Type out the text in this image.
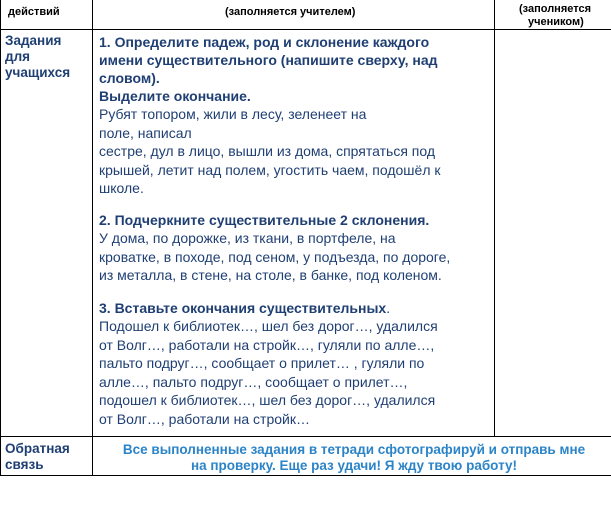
действий	(заполняется учителем)	(заполняется

учеником)

Задания
для
учащихся

1. Определите падеж, род и склонение каждого

имени существительного (напишите сверху, над

словом).

Выделите окончание.

Рубят топором, жили в лесу, зеленеет на

поле, написал

сестре, дул в лицо, вышли из дома, спрятаться под

крышей, летит над полем, угостить чаем, подошёл к

школе.

2. Подчеркните существительные 2 склонения.

У дома, по дорожке, из ткани, в портфеле, на

кроватке, в походе, под сеном, у подъезда, по дороге,

из металла, в стене, на столе, в банке, под коленом.

3. Вставьте окончания существительных.

Подошел к библиотек…, шел без дорог…, удалился

от Волг…, работали на стройк…, гуляли по алле…,

пальто подруг…, сообщает о прилет… , гуляли по

алле…, пальто подруг…, сообщает о прилет…,

подошел к библиотек…, шел без дорог…, удалился

от Волг…, работали на стройк…

Обратная
связь
Все выполненные задания в тетради сфотографируй и отправь мне
на проверку. Еще раз удачи! Я жду твою работу!
